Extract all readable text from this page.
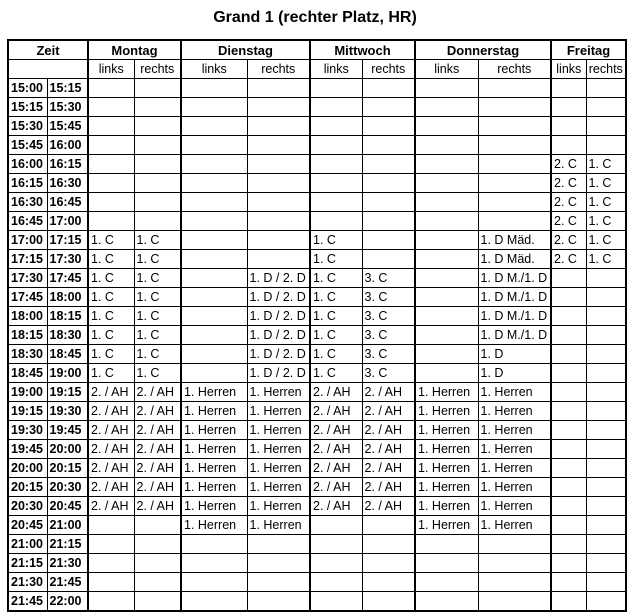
Grand 1 (rechter Platz, HR)
Zeit		Montag		Dienstag		Mittwoch		Donnerstag		Freitag	
		links	rechts	links	rechts	links	rechts	links	rechts	links	rechts
15:00	15:15										
15:15	15:30										
15:30	15:45										
15:45	16:00										
16:00	16:15									2. C	1. C
16:15	16:30									2. C	1. C
16:30	16:45									2. C	1. C
16:45	17:00									2. C	1. C
17:00	17:15	1. C	1. C			1. C			1. D Mäd.	2. C	1. C
17:15	17:30	1. C	1. C			1. C			1. D Mäd.	2. C	1. C
17:30	17:45	1. C	1. C		1. D / 2. D	1. C	3. C		1. D M./1. D		
17:45	18:00	1. C	1. C		1. D / 2. D	1. C	3. C		1. D M./1. D		
18:00	18:15	1. C	1. C		1. D / 2. D	1. C	3. C		1. D M./1. D		
18:15	18:30	1. C	1. C		1. D / 2. D	1. C	3. C		1. D M./1. D		
18:30	18:45	1. C	1. C		1. D / 2. D	1. C	3. C		1. D		
18:45	19:00	1. C	1. C		1. D / 2. D	1. C	3. C		1. D		
19:00	19:15	2. / AH	2. / AH	1. Herren	1. Herren	2. / AH	2. / AH	1. Herren	1. Herren		
19:15	19:30	2. / AH	2. / AH	1. Herren	1. Herren	2. / AH	2. / AH	1. Herren	1. Herren		
19:30	19:45	2. / AH	2. / AH	1. Herren	1. Herren	2. / AH	2. / AH	1. Herren	1. Herren		
19:45	20:00	2. / AH	2. / AH	1. Herren	1. Herren	2. / AH	2. / AH	1. Herren	1. Herren		
20:00	20:15	2. / AH	2. / AH	1. Herren	1. Herren	2. / AH	2. / AH	1. Herren	1. Herren		
20:15	20:30	2. / AH	2. / AH	1. Herren	1. Herren	2. / AH	2. / AH	1. Herren	1. Herren		
20:30	20:45	2. / AH	2. / AH	1. Herren	1. Herren	2. / AH	2. / AH	1. Herren	1. Herren		
20:45	21:00			1. Herren	1. Herren			1. Herren	1. Herren		
21:00	21:15										
21:15	21:30										
21:30	21:45										
21:45	22:00										
